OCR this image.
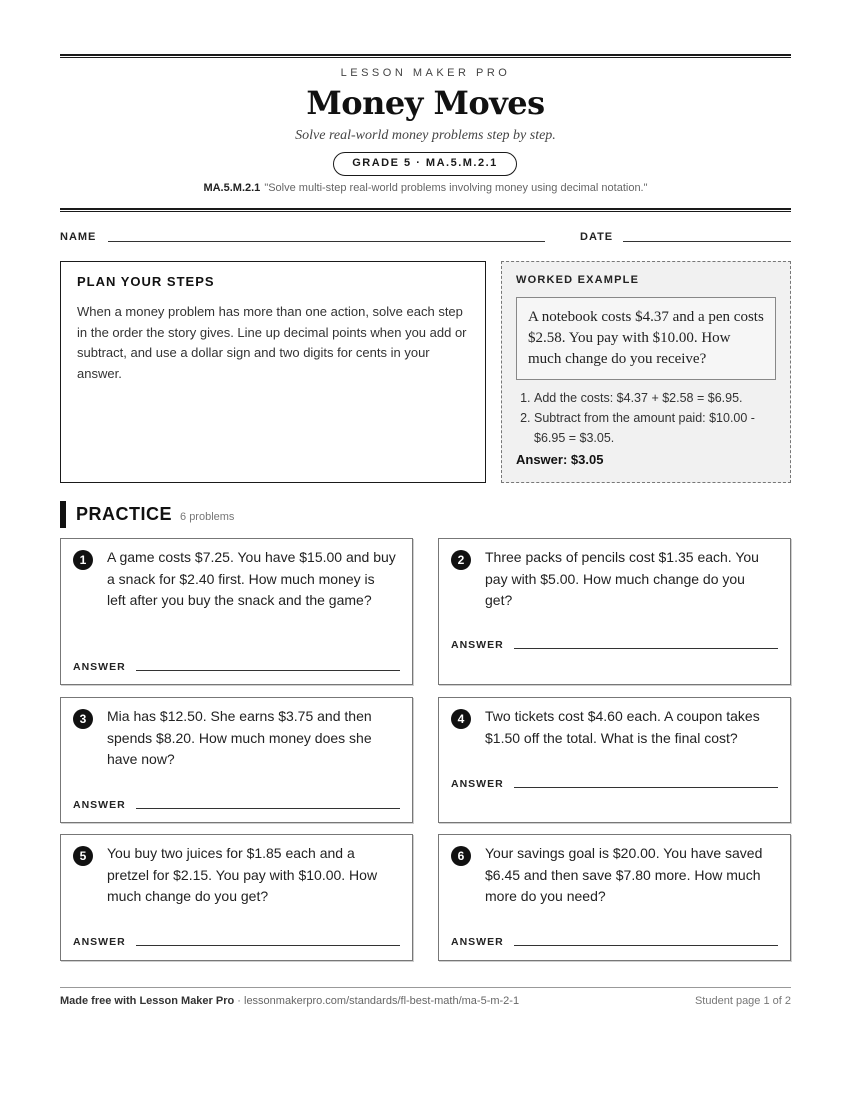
LESSON MAKER PRO
Money Moves
Solve real-world money problems step by step.
GRADE 5 · MA.5.M.2.1
MA.5.M.2.1 "Solve multi-step real-world problems involving money using decimal notation."
NAME	DATE
PLAN YOUR STEPS
When a money problem has more than one action, solve each step in the order the story gives. Line up decimal points when you add or subtract, and use a dollar sign and two digits for cents in your answer.
WORKED EXAMPLE
A notebook costs $4.37 and a pen costs $2.58. You pay with $10.00. How much change do you receive?
1. Add the costs: $4.37 + $2.58 = $6.95.
2. Subtract from the amount paid: $10.00 - $6.95 = $3.05.
Answer: $3.05
PRACTICE 6 problems
1	A game costs $7.25. You have $15.00 and buy a snack for $2.40 first. How much money is left after you buy the snack and the game?
ANSWER
2	Three packs of pencils cost $1.35 each. You pay with $5.00. How much change do you get?
ANSWER
3	Mia has $12.50. She earns $3.75 and then spends $8.20. How much money does she have now?
ANSWER
4	Two tickets cost $4.60 each. A coupon takes $1.50 off the total. What is the final cost?
ANSWER
5	You buy two juices for $1.85 each and a pretzel for $2.15. You pay with $10.00. How much change do you get?
ANSWER
6	Your savings goal is $20.00. You have saved $6.45 and then save $7.80 more. How much more do you need?
ANSWER
Made free with Lesson Maker Pro · lessonmakerpro.com/standards/fl-best-math/ma-5-m-2-1	Student page 1 of 2
